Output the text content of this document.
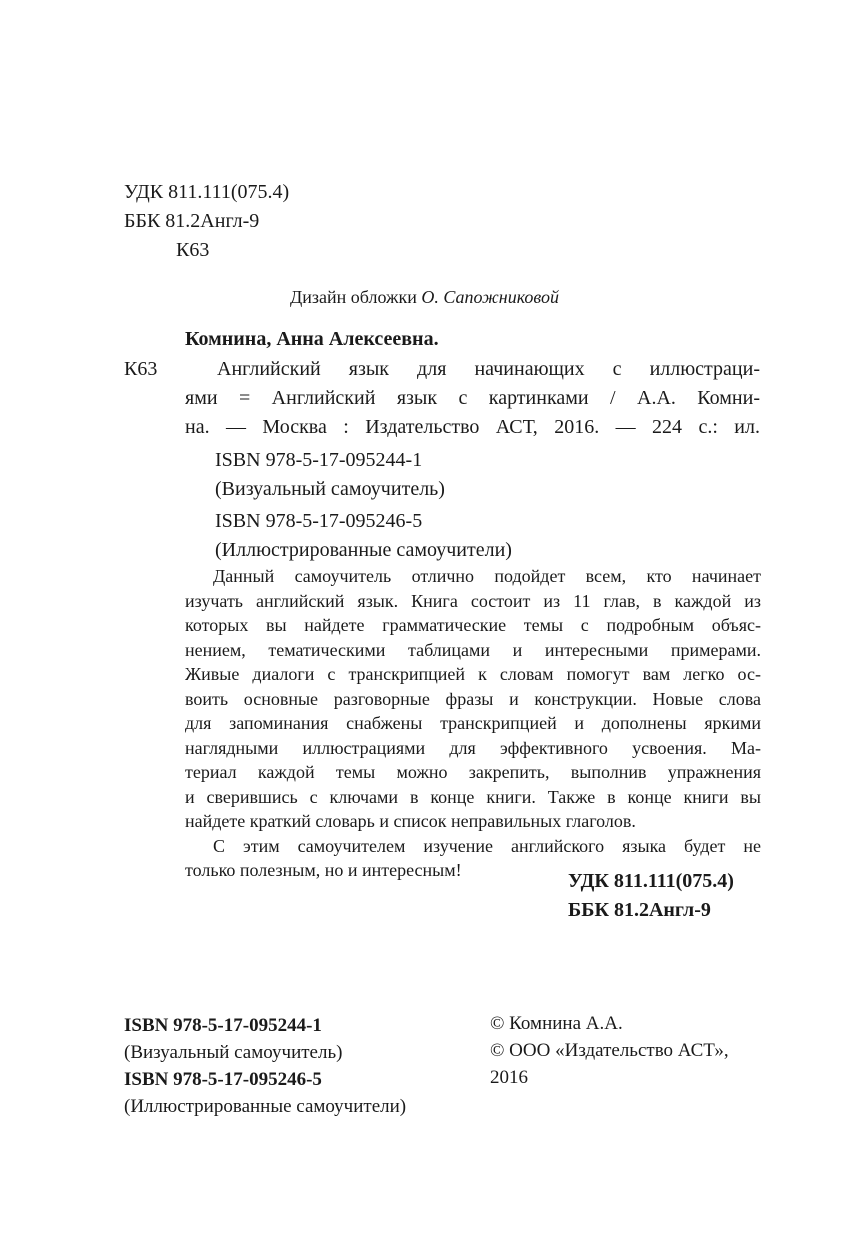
УДК 811.111(075.4)
ББК 81.2Англ-9
К63
Дизайн обложки О. Сапожниковой
Комнина, Анна Алексеевна.
К63	Английский язык для начинающих с иллюстраци-
ями = Английский язык с картинками / А.А. Комни-
на. — Москва : Издательство АСТ, 2016. — 224 с.: ил.
ISBN 978-5-17-095244-1
(Визуальный самоучитель)
ISBN 978-5-17-095246-5
(Иллюстрированные самоучители)
Данный самоучитель отлично подойдет всем, кто начинает
изучать английский язык. Книга состоит из 11 глав, в каждой из
которых вы найдете грамматические темы с подробным объяс-
нением, тематическими таблицами и интересными примерами.
Живые диалоги с транскрипцией к словам помогут вам легко ос-
воить основные разговорные фразы и конструкции. Новые слова
для запоминания снабжены транскрипцией и дополнены яркими
наглядными иллюстрациями для эффективного усвоения. Ма-
териал каждой темы можно закрепить, выполнив упражнения
и сверившись с ключами в конце книги. Также в конце книги вы
найдете краткий словарь и список неправильных глаголов.
С этим самоучителем изучение английского языка будет не
только полезным, но и интересным!	УДК 811.111(075.4)
ББК 81.2Англ-9
ISBN 978-5-17-095244-1
(Визуальный самоучитель)
ISBN 978-5-17-095246-5
(Иллюстрированные самоучители)
© Комнина А.А.
© ООО «Издательство АСТ»,
2016
